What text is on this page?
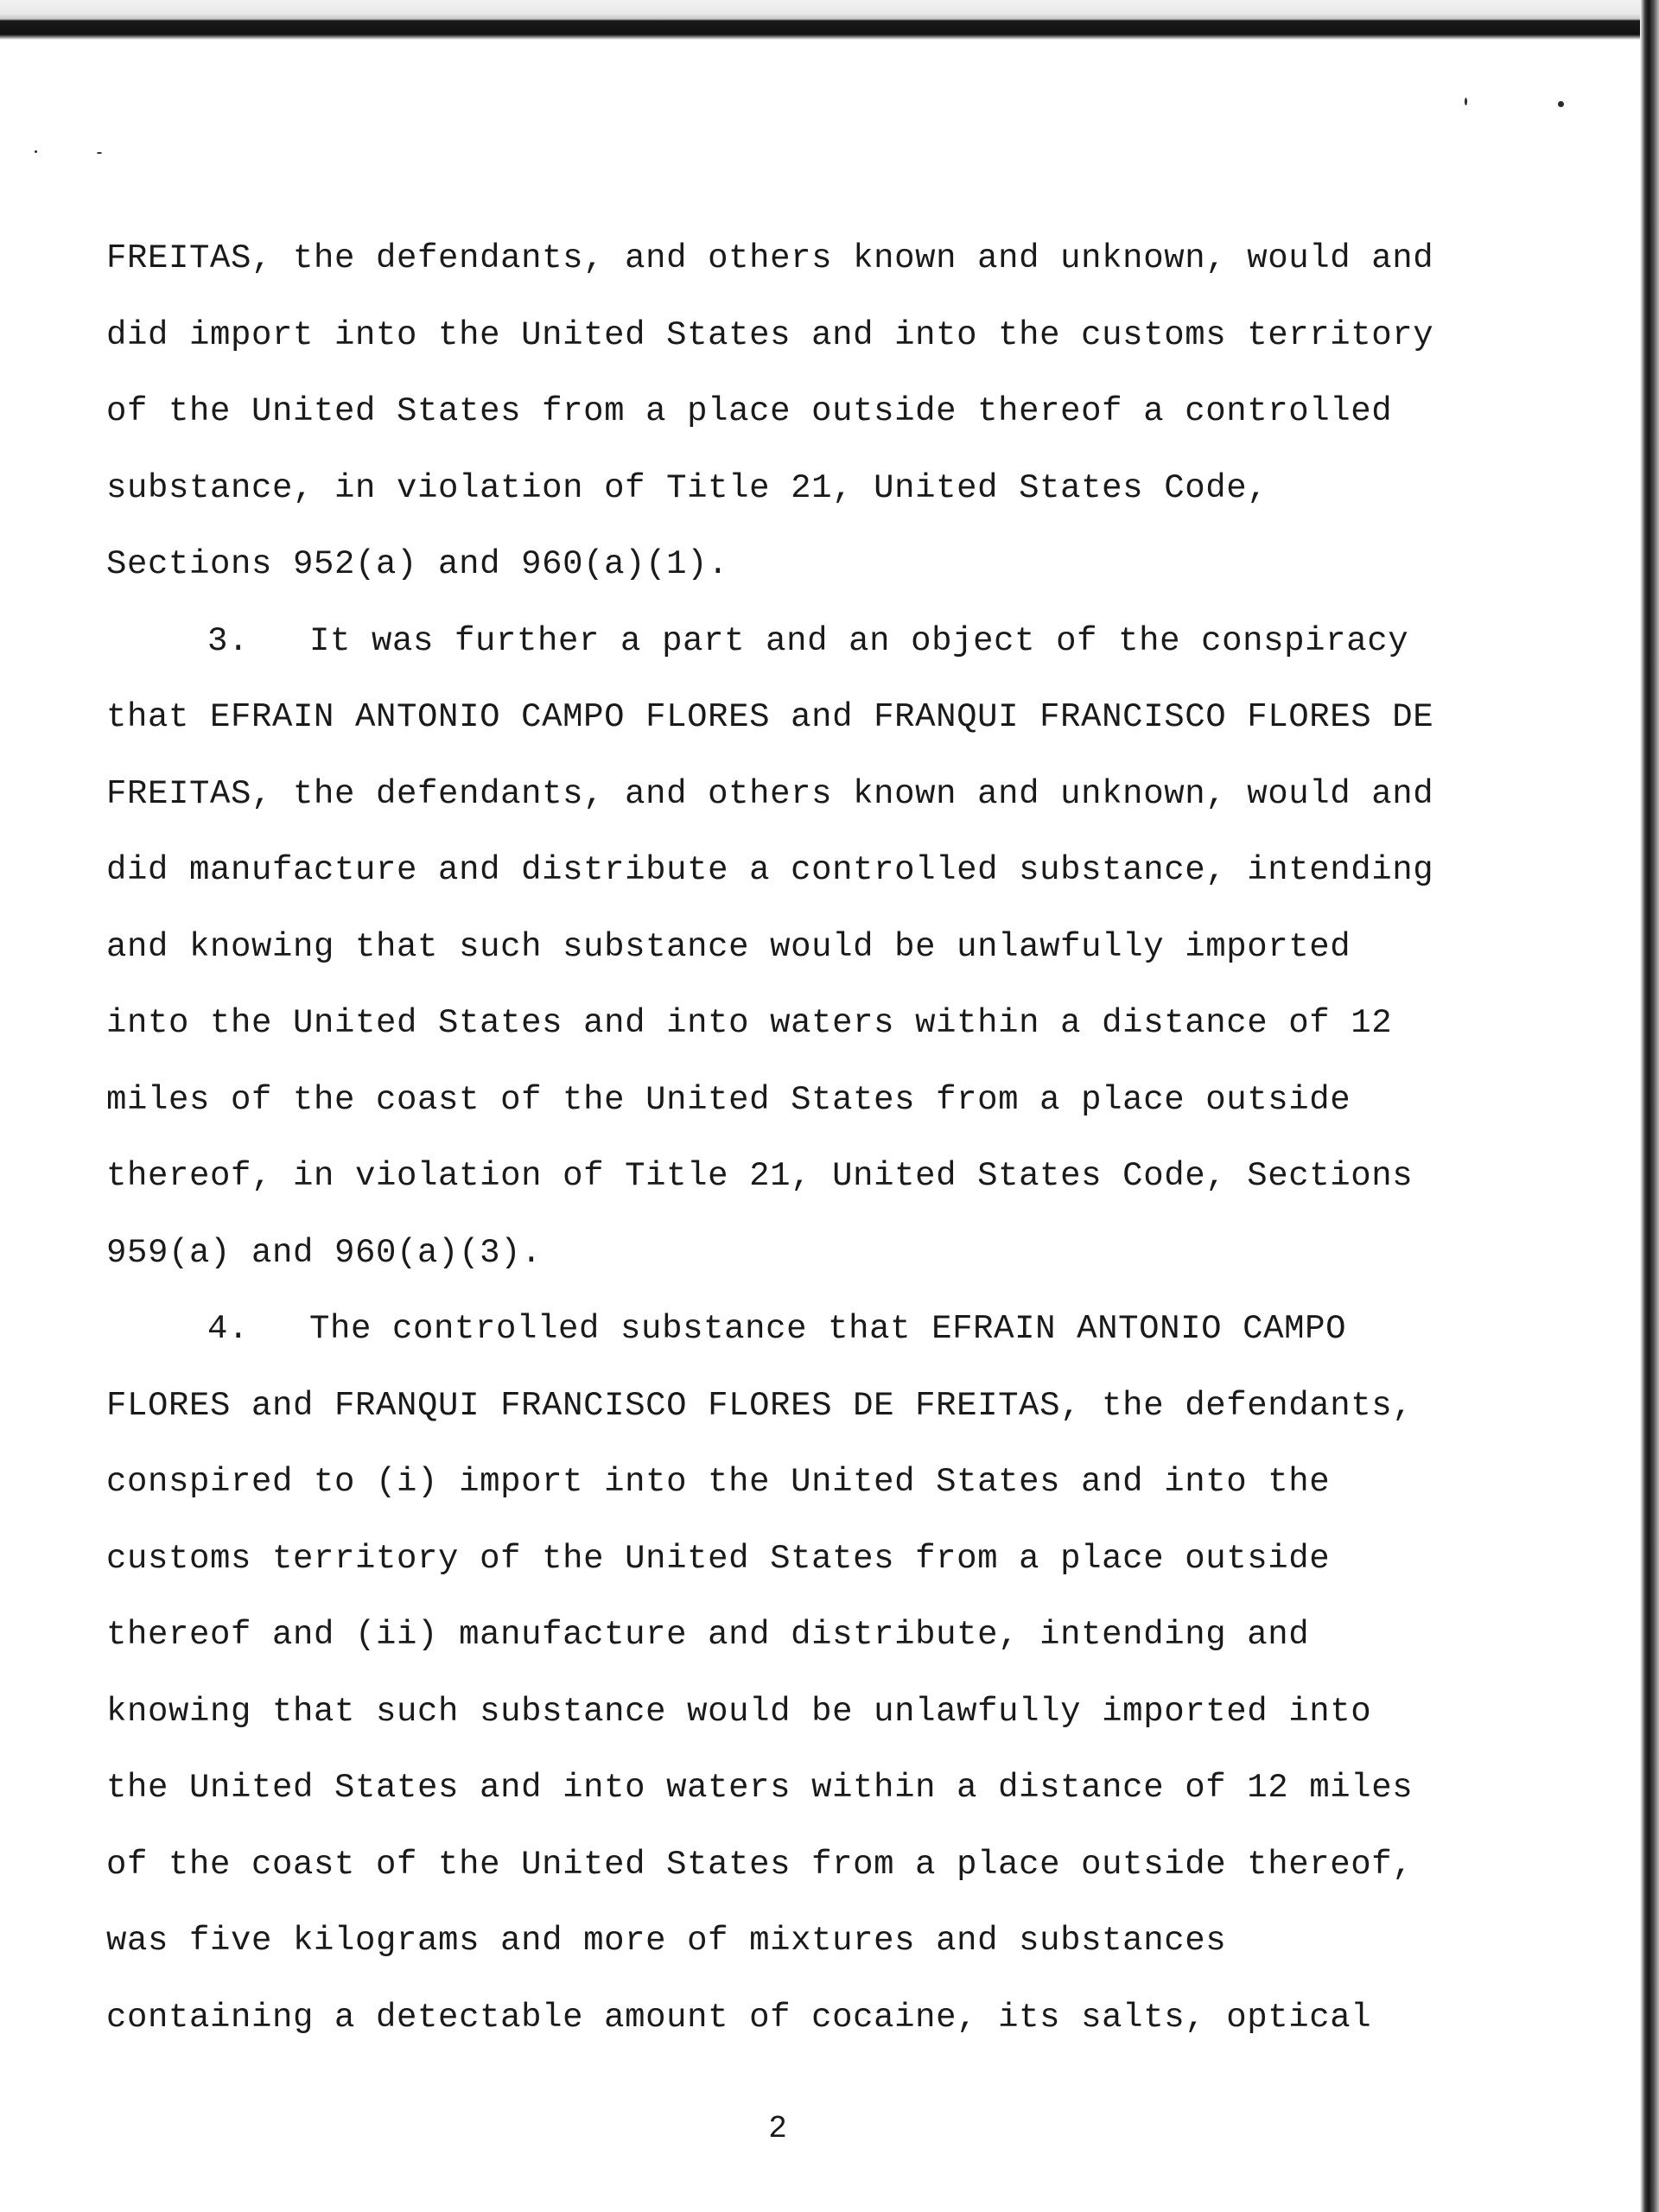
FREITAS, the defendants, and others known and unknown, would and
did import into the United States and into the customs territory
of the United States from a place outside thereof a controlled
substance, in violation of Title 21, United States Code,
Sections 952(a) and 960(a)(1).
3. It was further a part and an object of the conspiracy
that EFRAIN ANTONIO CAMPO FLORES and FRANQUI FRANCISCO FLORES DE
FREITAS, the defendants, and others known and unknown, would and
did manufacture and distribute a controlled substance, intending
and knowing that such substance would be unlawfully imported
into the United States and into waters within a distance of 12
miles of the coast of the United States from a place outside
thereof, in violation of Title 21, United States Code, Sections
959(a) and 960(a)(3).
4. The controlled substance that EFRAIN ANTONIO CAMPO
FLORES and FRANQUI FRANCISCO FLORES DE FREITAS, the defendants,
conspired to (i) import into the United States and into the
customs territory of the United States from a place outside
thereof and (ii) manufacture and distribute, intending and
knowing that such substance would be unlawfully imported into
the United States and into waters within a distance of 12 miles
of the coast of the United States from a place outside thereof,
was five kilograms and more of mixtures and substances
containing a detectable amount of cocaine, its salts, optical
2
